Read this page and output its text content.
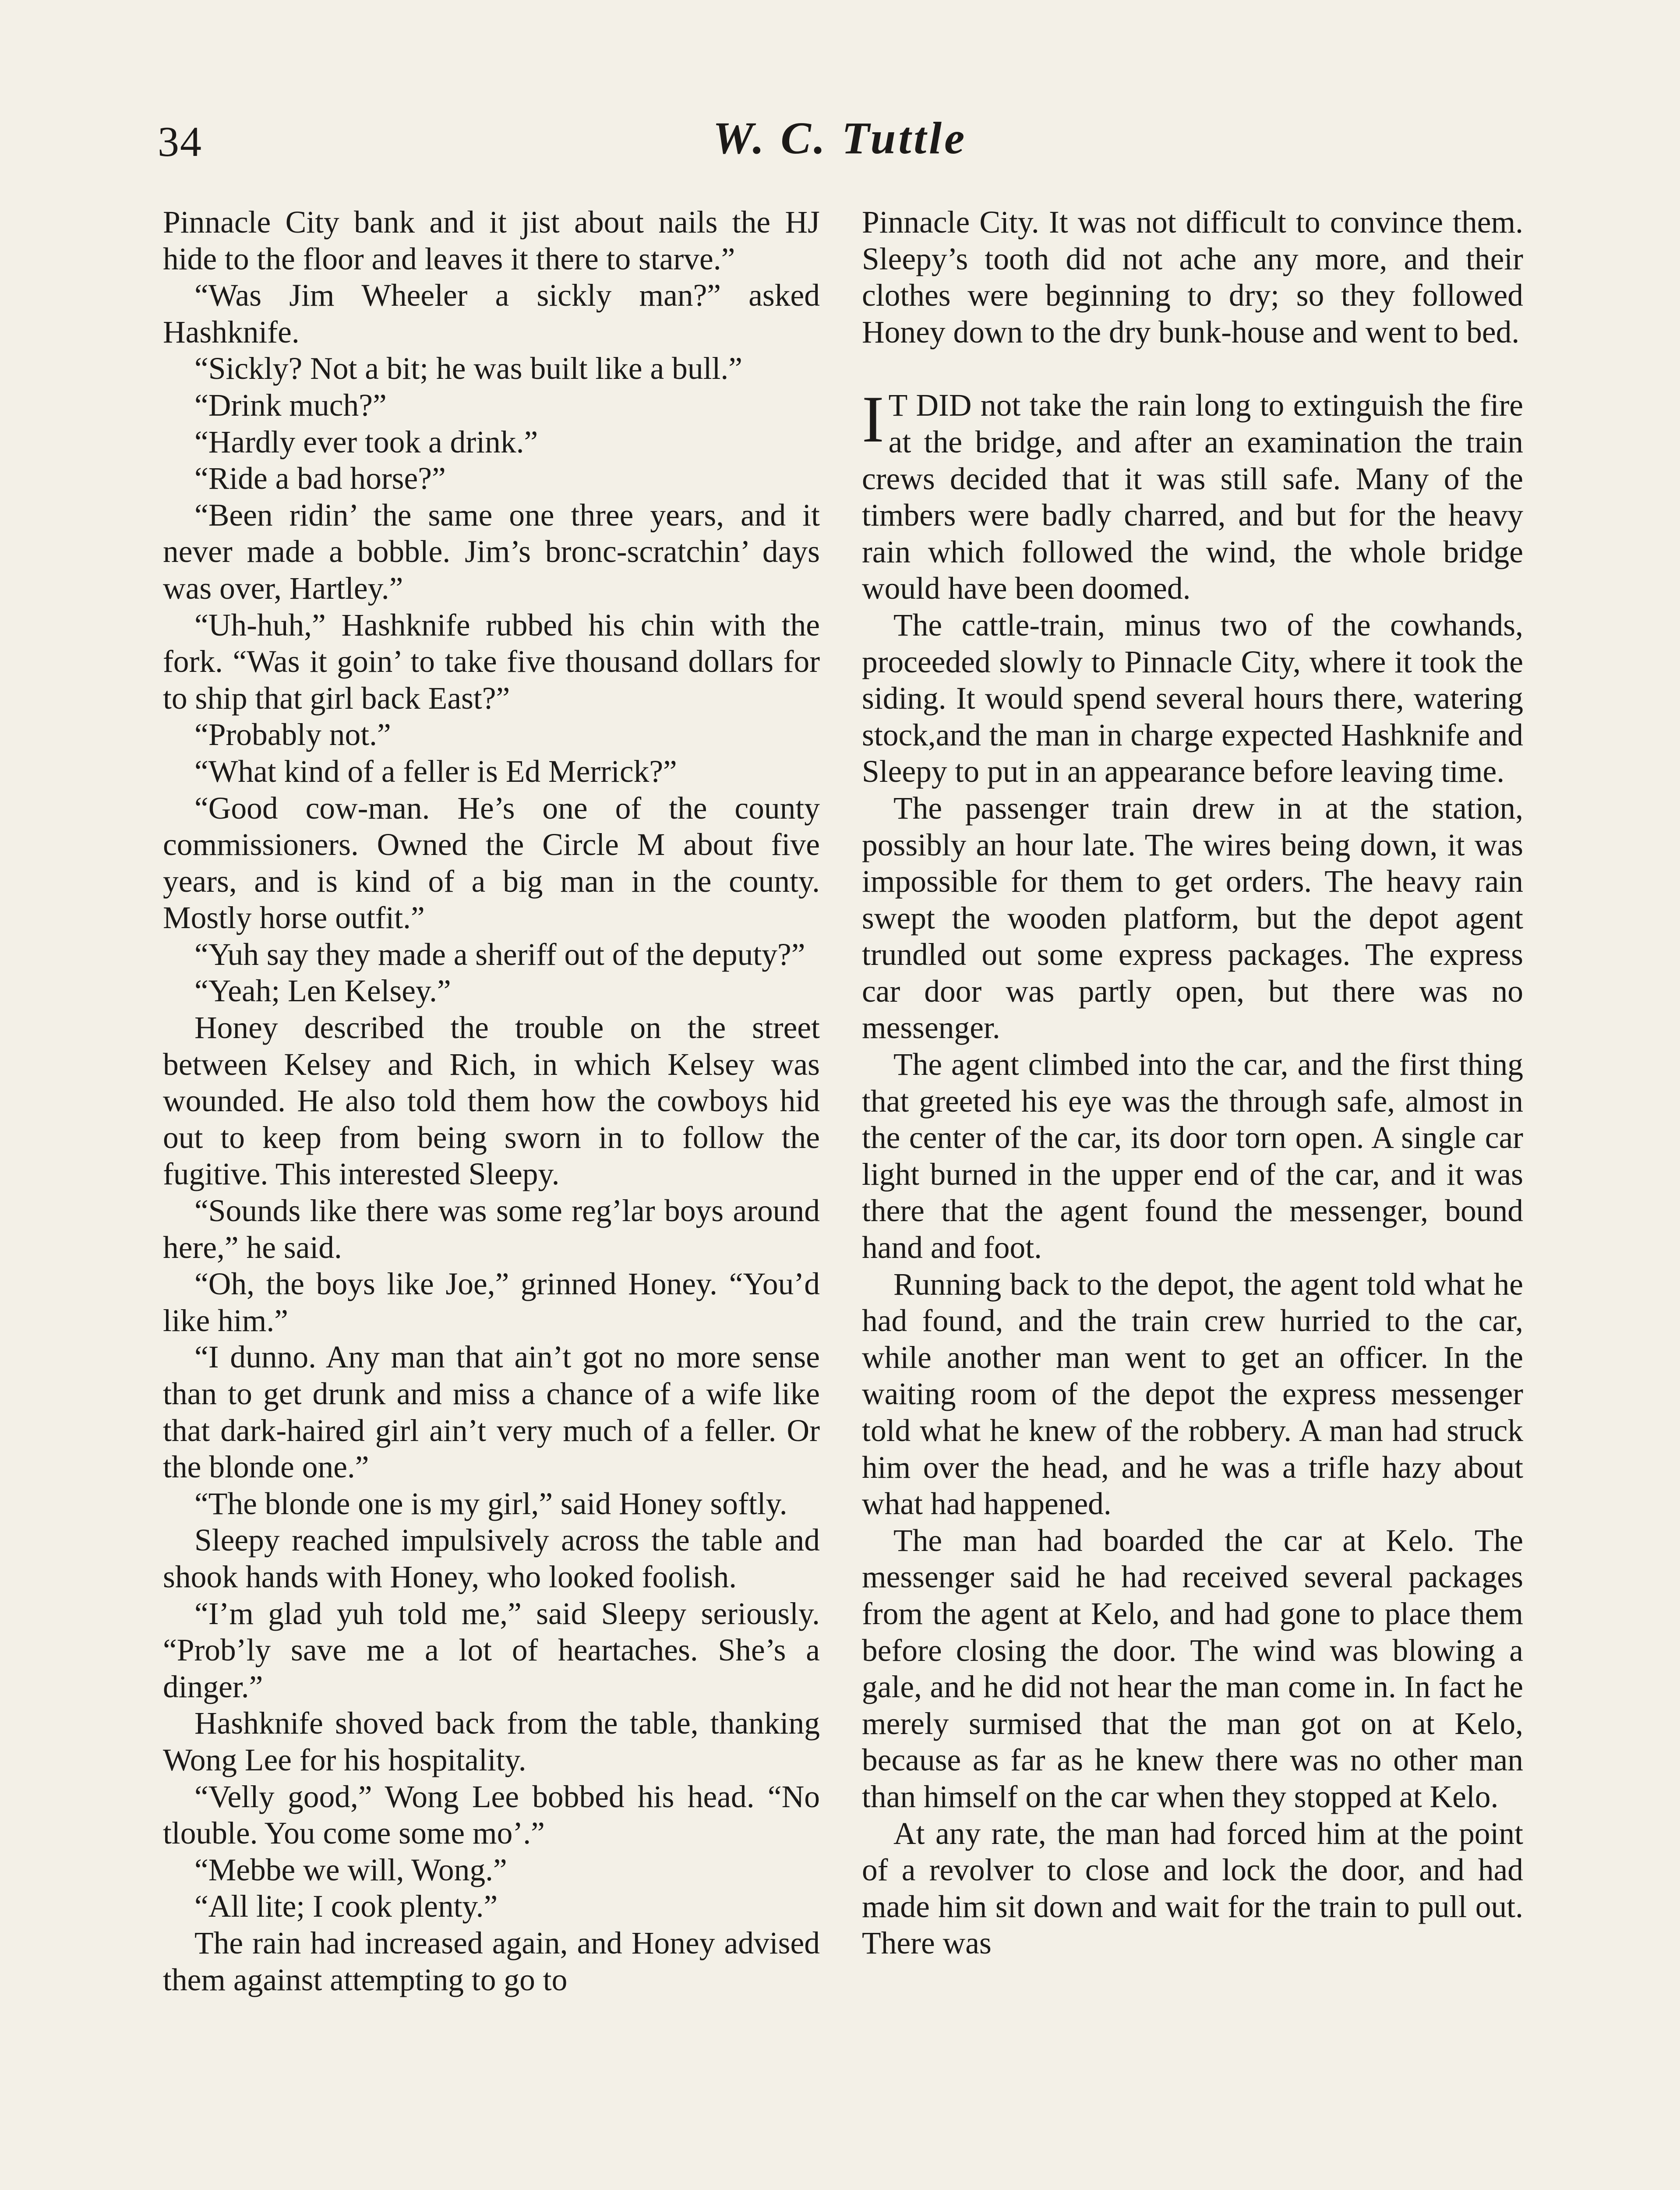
34	W. C. Tuttle

Pinnacle City bank and it jist about nails the HJ hide to the floor and leaves it there to starve.”

“Was Jim Wheeler a sickly man?” asked Hashknife.

“Sickly? Not a bit; he was built like a bull.”

“Drink much?”

“Hardly ever took a drink.”

“Ride a bad horse?”

“Been ridin’ the same one three years, and it never made a bobble. Jim’s bronc-scratchin’ days was over, Hartley.”

“Uh-huh,” Hashknife rubbed his chin with the fork. “Was it goin’ to take five thousand dollars for to ship that girl back East?”

“Probably not.”

“What kind of a feller is Ed Merrick?”

“Good cow-man. He’s one of the county commissioners. Owned the Circle M about five years, and is kind of a big man in the county. Mostly horse outfit.”

“Yuh say they made a sheriff out of the deputy?”

“Yeah; Len Kelsey.”

Honey described the trouble on the street between Kelsey and Rich, in which Kelsey was wounded. He also told them how the cowboys hid out to keep from being sworn in to follow the fugitive. This interested Sleepy.

“Sounds like there was some reg’lar boys around here,” he said.

“Oh, the boys like Joe,” grinned Honey. “You’d like him.”

“I dunno. Any man that ain’t got no more sense than to get drunk and miss a chance of a wife like that dark-haired girl ain’t very much of a feller. Or the blonde one.”

“The blonde one is my girl,” said Honey softly.

Sleepy reached impulsively across the table and shook hands with Honey, who looked foolish.

“I’m glad yuh told me,” said Sleepy seriously. “Prob’ly save me a lot of heartaches. She’s a dinger.”

Hashknife shoved back from the table, thanking Wong Lee for his hospitality.

“Velly good,” Wong Lee bobbed his head. “No tlouble. You come some mo’.”

“Mebbe we will, Wong.”

“All lite; I cook plenty.”

The rain had increased again, and Honey advised them against attempting to go to

Pinnacle City. It was not difficult to convince them. Sleepy’s tooth did not ache any more, and their clothes were beginning to dry; so they followed Honey down to the dry bunk-house and went to bed.

I T DID not take the rain long to extinguish the fire at the bridge, and after an examination the train crews decided that it was still safe. Many of the timbers were badly charred, and but for the heavy rain which followed the wind, the whole bridge would have been doomed.

The cattle-train, minus two of the cowhands, proceeded slowly to Pinnacle City, where it took the siding. It would spend several hours there, watering stock,and the man in charge expected Hashknife and Sleepy to put in an appearance before leaving time.

The passenger train drew in at the station, possibly an hour late. The wires being down, it was impossible for them to get orders. The heavy rain swept the wooden platform, but the depot agent trundled out some express packages. The express car door was partly open, but there was no messenger.

The agent climbed into the car, and the first thing that greeted his eye was the through safe, almost in the center of the car, its door torn open. A single car light burned in the upper end of the car, and it was there that the agent found the messenger, bound hand and foot.

Running back to the depot, the agent told what he had found, and the train crew hurried to the car, while another man went to get an officer. In the waiting room of the depot the express messenger told what he knew of the robbery. A man had struck him over the head, and he was a trifle hazy about what had happened.

The man had boarded the car at Kelo. The messenger said he had received several packages from the agent at Kelo, and had gone to place them before closing the door. The wind was blowing a gale, and he did not hear the man come in. In fact he merely surmised that the man got on at Kelo, because as far as he knew there was no other man than himself on the car when they stopped at Kelo.

At any rate, the man had forced him at the point of a revolver to close and lock the door, and had made him sit down and wait for the train to pull out. There was
